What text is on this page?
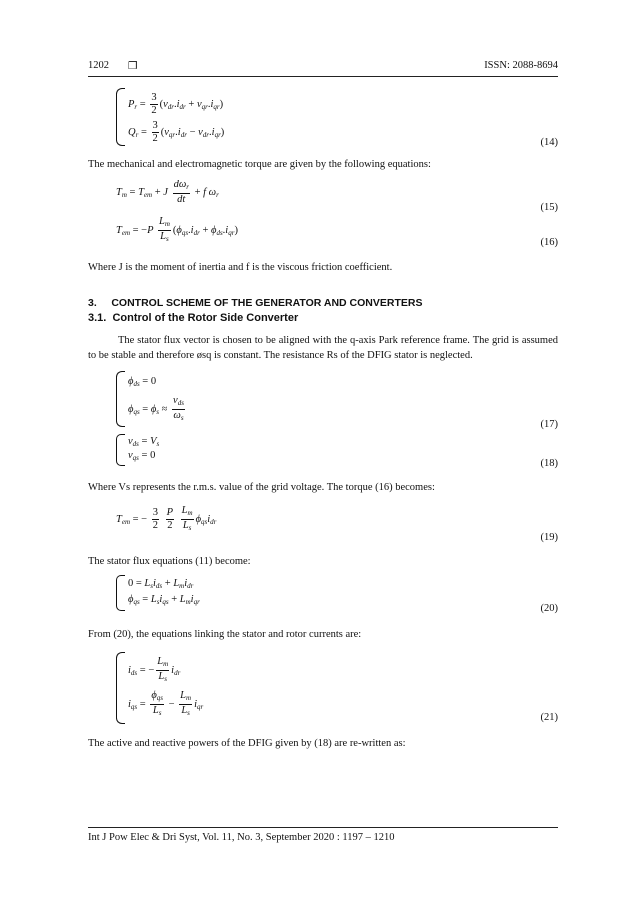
1202 ❒	ISSN: 2088-8694
$P_r = \frac{3}{2} (v_{dr}.i_{dr} + v_{qr}.i_{qr})$
$Q_r = \frac{3}{2} (v_{qr}.i_{dr} - v_{dr}.i_{qr})$
(14)
The mechanical and electromagnetic torque are given by the following equations:
$T_m = T_{em} + J \frac{d\omega_r}{dt} + f$ $\omega_r$
(15)
$T_{em} = -P \frac{L_m}{L_s} (\phi_{qs}.i_{dr} + \phi_{ds}.i_{qr})$
(16)
Where J is the moment of inertia and f is the viscous friction coefficient.
3.     CONTROL SCHEME OF THE GENERATOR AND CONVERTERS
3.1.  Control of the Rotor Side Converter
The stator flux vector is chosen to be aligned with the q-axis Park reference frame. The grid is assumed to be stable and therefore øsq is constant. The resistance Rs of the DFIG stator is neglected.
$\phi_{ds} = 0$
$\phi_{qs} = \phi_s \approx \frac{v_{ds}}{\omega_s}$
(17)
$v_{ds} = V_s$
$v_{qs} = 0$
(18)
Where Vs represents the r.m.s. value of the grid voltage. The torque (16) becomes:
$T_{em}$ = − $\frac{3}{2}$
$\frac{P}{2}$
$\frac{L_m}{L_s} \phi_{qs}i_{dr}$
(19)
The stator flux equations (11) become:
$0 = L_si_{ds} + L_mi_{dr}$
$\phi_{qs} = L_si_{qs} + L_mi_{qr}$
(20)
From (20), the equations linking the stator and rotor currents are:
$i_{ds}$ = − $\frac{L_m}{L_s} i_{dr}$
$i_{qs} = \frac{\phi_{qs}}{L_s} - \frac{L_m}{L_s} i_{qr}$
(21)
The active and reactive powers of the DFIG given by (18) are re-written as:
Int J Pow Elec & Dri Syst, Vol. 11, No. 3, September 2020 : 1197 – 1210
